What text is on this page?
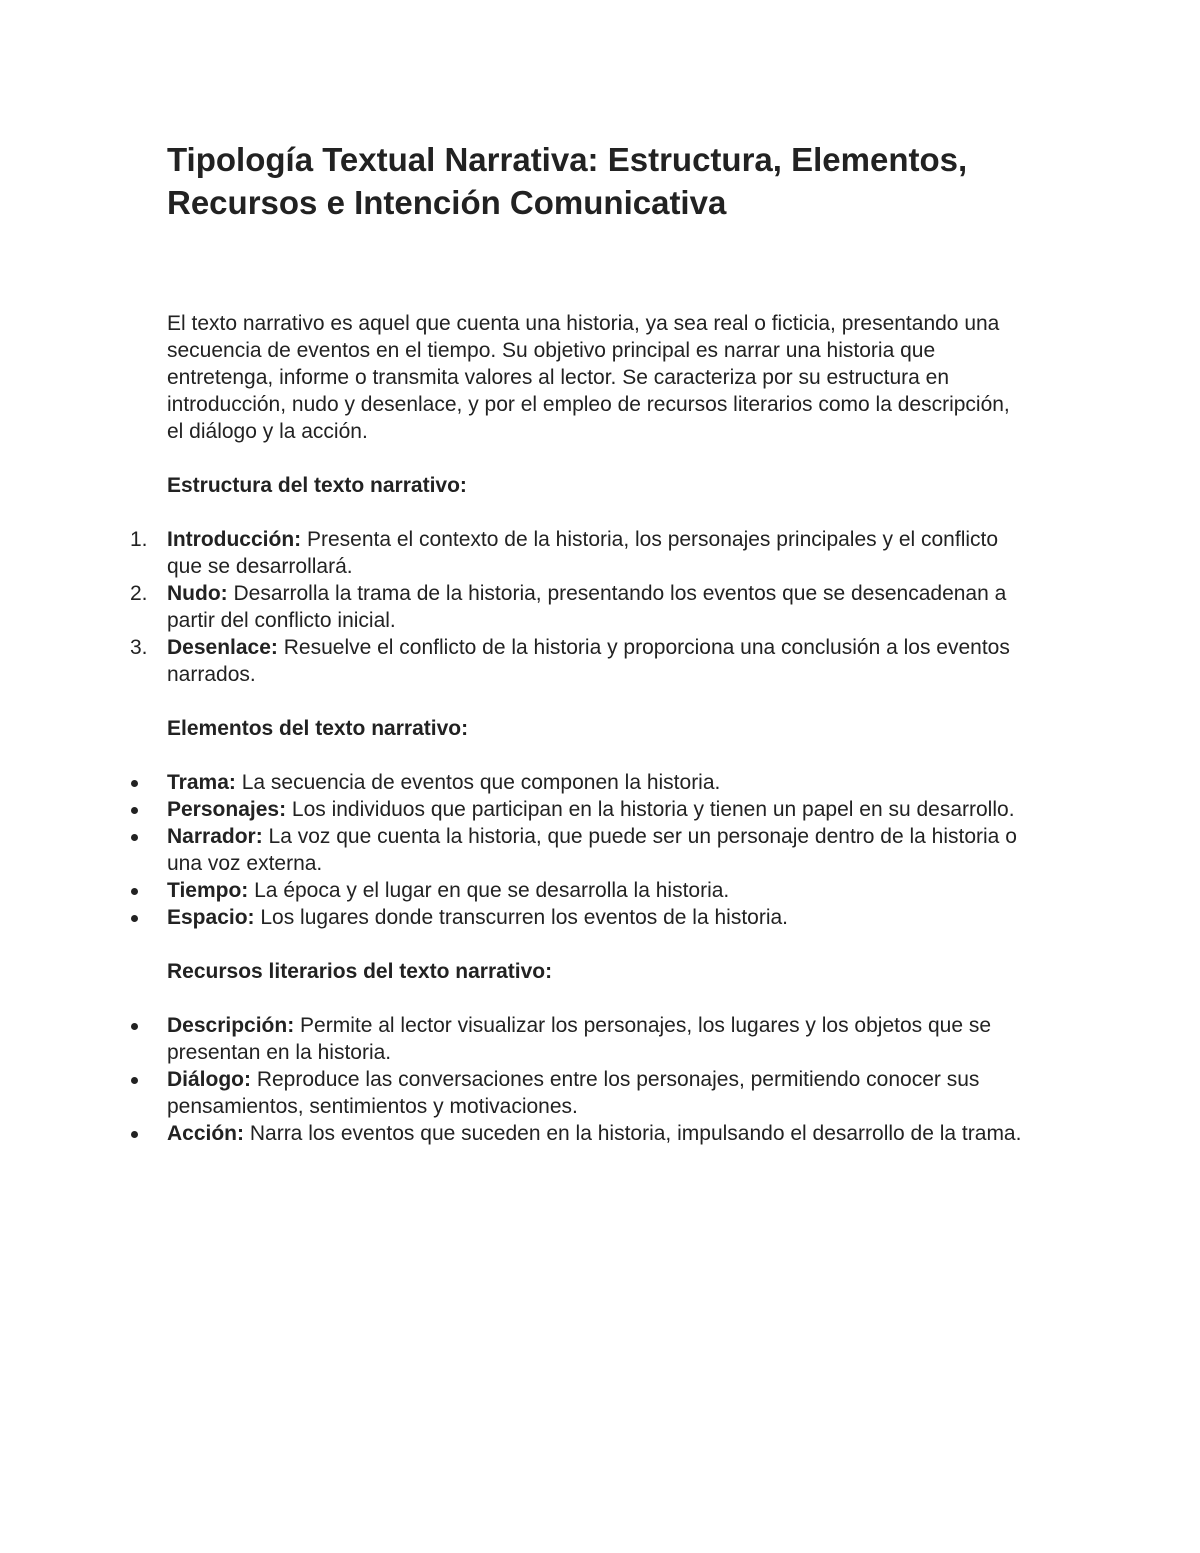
Tipología Textual Narrativa: Estructura, Elementos, Recursos e Intención Comunicativa

El texto narrativo es aquel que cuenta una historia, ya sea real o ficticia, presentando una secuencia de eventos en el tiempo. Su objetivo principal es narrar una historia que entretenga, informe o transmita valores al lector. Se caracteriza por su estructura en introducción, nudo y desenlace, y por el empleo de recursos literarios como la descripción, el diálogo y la acción.

Estructura del texto narrativo:
1. Introducción: Presenta el contexto de la historia, los personajes principales y el conflicto que se desarrollará.
2. Nudo: Desarrolla la trama de la historia, presentando los eventos que se desencadenan a partir del conflicto inicial.
3. Desenlace: Resuelve el conflicto de la historia y proporciona una conclusión a los eventos narrados.
Elementos del texto narrativo:
Trama: La secuencia de eventos que componen la historia.
Personajes: Los individuos que participan en la historia y tienen un papel en su desarrollo.
Narrador: La voz que cuenta la historia, que puede ser un personaje dentro de la historia o una voz externa.
Tiempo: La época y el lugar en que se desarrolla la historia.
Espacio: Los lugares donde transcurren los eventos de la historia.
Recursos literarios del texto narrativo:
Descripción: Permite al lector visualizar los personajes, los lugares y los objetos que se presentan en la historia.
Diálogo: Reproduce las conversaciones entre los personajes, permitiendo conocer sus pensamientos, sentimientos y motivaciones.
Acción: Narra los eventos que suceden en la historia, impulsando el desarrollo de la trama.
